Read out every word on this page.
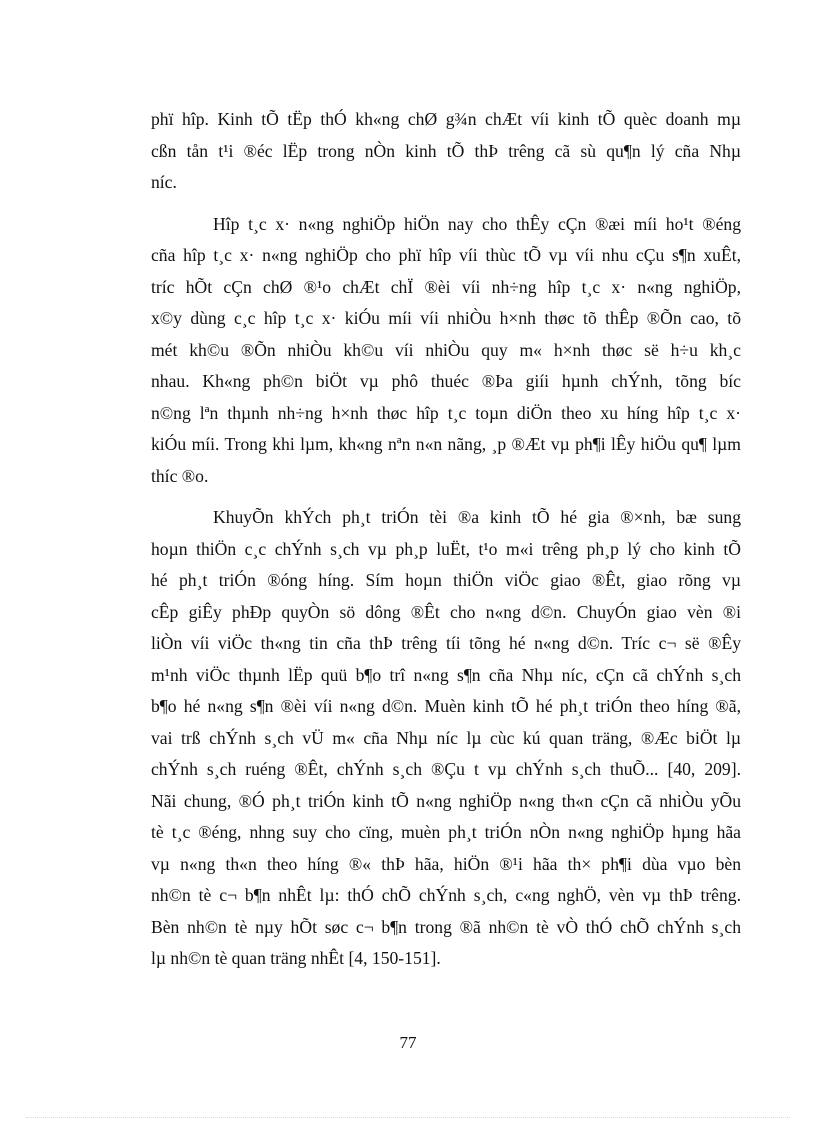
phï hîp. Kinh tÕ tËp thÓ kh«ng chØ g¾n chÆt víi kinh tÕ quèc doanh mµ
cßn tån t¹i ®éc lËp trong nÒn kinh tÕ thÞ trêng cã sù qu¶n lý cña Nhµ
níc.
Hîp t¸c x· n«ng nghiÖp hiÖn nay cho thÊy cÇn ®æi míi ho¹t ®éng
cña hîp t¸c x· n«ng nghiÖp cho phï hîp víi thùc tÕ vµ víi nhu cÇu s¶n xuÊt,
tríc hÕt cÇn chØ ®¹o chÆt chÏ ®èi víi nh÷ng hîp t¸c x· n«ng nghiÖp,
x©y dùng c¸c hîp t¸c x· kiÓu míi víi nhiÒu h×nh thøc tõ thÊp ®Õn cao, tõ
mét kh©u ®Õn nhiÒu kh©u víi nhiÒu quy m« h×nh thøc së h÷u kh¸c
nhau. Kh«ng ph©n biÖt vµ phô thuéc ®Þa giíi hµnh chÝnh, tõng bíc
n©ng lªn thµnh nh÷ng h×nh thøc hîp t¸c toµn diÖn theo xu híng hîp t¸c x·
kiÓu míi. Trong khi lµm, kh«ng nªn n«n nãng, ¸p ®Æt vµ ph¶i lÊy hiÖu qu¶ lµm
thíc ®o.
KhuyÕn khÝch ph¸t triÓn tèi ®a kinh tÕ hé gia ®×nh, bæ sung
hoµn thiÖn c¸c chÝnh s¸ch vµ ph¸p luËt, t¹o m«i trêng ph¸p lý cho kinh tÕ
hé ph¸t triÓn ®óng híng. Sím hoµn thiÖn viÖc giao ®Êt, giao rõng vµ
cÊp giÊy phÐp quyÒn sö dông ®Êt cho n«ng d©n. ChuyÓn giao vèn ®i
liÒn víi viÖc th«ng tin cña thÞ trêng tíi tõng hé n«ng d©n. Tríc c¬ së ®Êy
m¹nh viÖc thµnh lËp quü b¶o trî n«ng s¶n cña Nhµ níc, cÇn cã chÝnh s¸ch
b¶o hé n«ng s¶n ®èi víi n«ng d©n. Muèn kinh tÕ hé ph¸t triÓn theo híng ®ã,
vai trß chÝnh s¸ch vÜ m« cña Nhµ níc lµ cùc kú quan träng, ®Æc biÖt lµ
chÝnh s¸ch ruéng ®Êt, chÝnh s¸ch ®Çu t vµ chÝnh s¸ch thuÕ... [40, 209].
Nãi chung, ®Ó ph¸t triÓn kinh tÕ n«ng nghiÖp n«ng th«n cÇn cã nhiÒu yÕu
tè t¸c ®éng, nhng suy cho cïng, muèn ph¸t triÓn nÒn n«ng nghiÖp hµng hãa
vµ n«ng th«n theo híng ®« thÞ hãa, hiÖn ®¹i hãa th× ph¶i dùa vµo bèn
nh©n tè c¬ b¶n nhÊt lµ: thÓ chÕ chÝnh s¸ch, c«ng nghÖ, vèn vµ thÞ trêng.
Bèn nh©n tè nµy hÕt søc c¬ b¶n trong ®ã nh©n tè vÒ thÓ chÕ chÝnh s¸ch
lµ nh©n tè quan träng nhÊt [4, 150-151].
77
